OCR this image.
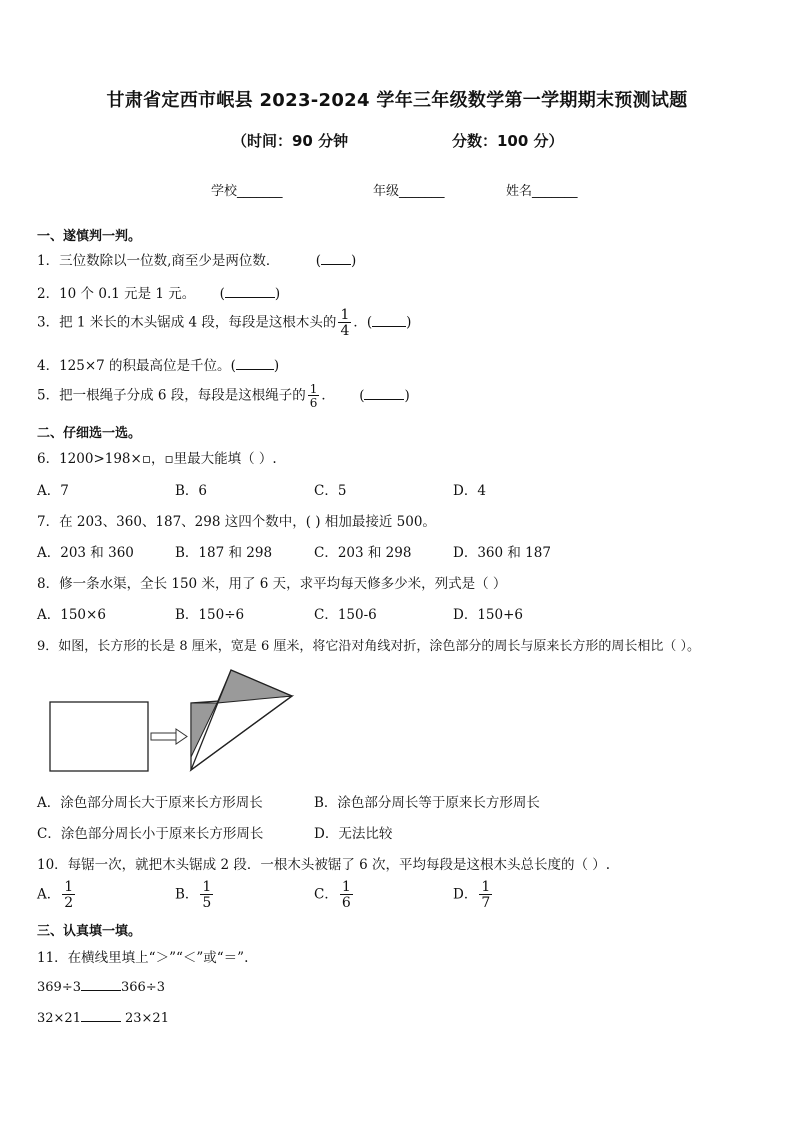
甘肃省定西市岷县 2023-2024 学年三年级数学第一学期期末预测试题
（时间：90 分钟	分数：100 分）
学校_______	年级_______	姓名_______
一、遂慎判一判。
1．三位数除以一位数,商至少是两位数．	( )
2．10 个 0.1 元是 1 元。 (	)
3．把 1 米长的木头锯成 4 段，每段是这根木头的 $\frac{1}{4}$ ．(	)
4．125×7 的积最高位是千位。(	)
5．把一根绳子分成 6 段，每段是这根绳子的 $\frac{1}{6}$ ． (	)
二、仔细选一选。
6．1200>198×▫，▫里最大能填（ ）.
A．7	B．6	C．5	D．4
7．在 203、360、187、298 这四个数中，( ) 相加最接近 500。
A．203 和 360	B．187 和 298	C．203 和 298	D．360 和 187
8．修一条水渠，全长 150 米，用了 6 天，求平均每天修多少米，列式是（ ）
A．150×6	B．150÷6	C．150-6	D．150+6
9．如图，长方形的长是 8 厘米，宽是 6 厘米，将它沿对角线对折，涂色部分的周长与原来长方形的周长相比（ ）。
A．涂色部分周长大于原来长方形周长	B．涂色部分周长等于原来长方形周长
C．涂色部分周长小于原来长方形周长	D．无法比较
10．每锯一次，就把木头锯成 2 段．一根木头被锯了 6 次，平均每段是这根木头总长度的（ ）.
A． $\frac{1}{2}$	B． $\frac{1}{5}$	C． $\frac{1}{6}$	D． $\frac{1}{7}$
三、认真填一填。
11．在横线里填上“＞”“＜”或“＝”.
369÷3	366÷3
32×21	23×21
